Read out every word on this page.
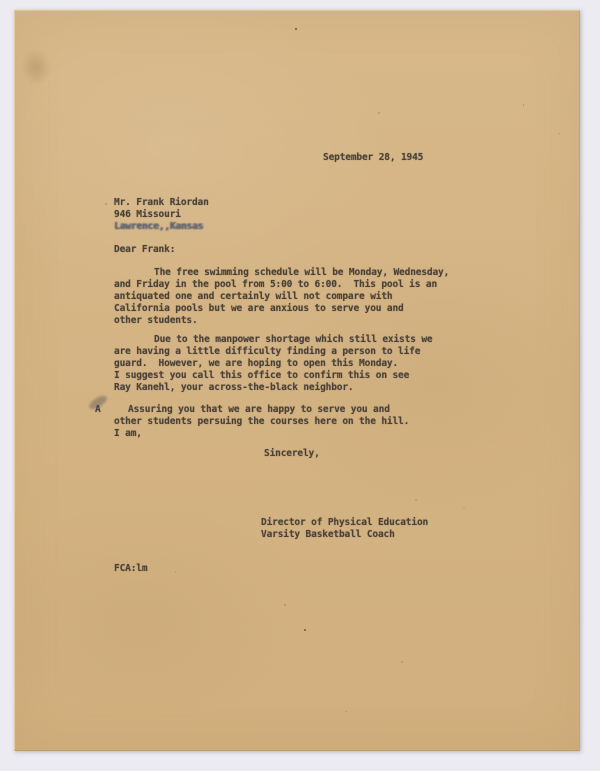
September 28, 1945
Mr. Frank Riordan
946 Missouri
Lawrence,,Kansas
Dear Frank:
The free swimming schedule will be Monday, Wednesday,
and Friday in the pool from 5:00 to 6:00.  This pool is an
antiquated one and certainly will not compare with
California pools but we are anxious to serve you and
other students.
Due to the manpower shortage which still exists we
are having a little difficulty finding a person to life
guard.  However, we are hoping to open this Monday.
I suggest you call this office to confirm this on see
Ray Kanehl, your across-the-black neighbor.
A	Assuring you that we are happy to serve you and
other students persuing the courses here on the hill.
I am,
Sincerely,
Director of Physical Education
Varsity Basketball Coach
FCA:lm
